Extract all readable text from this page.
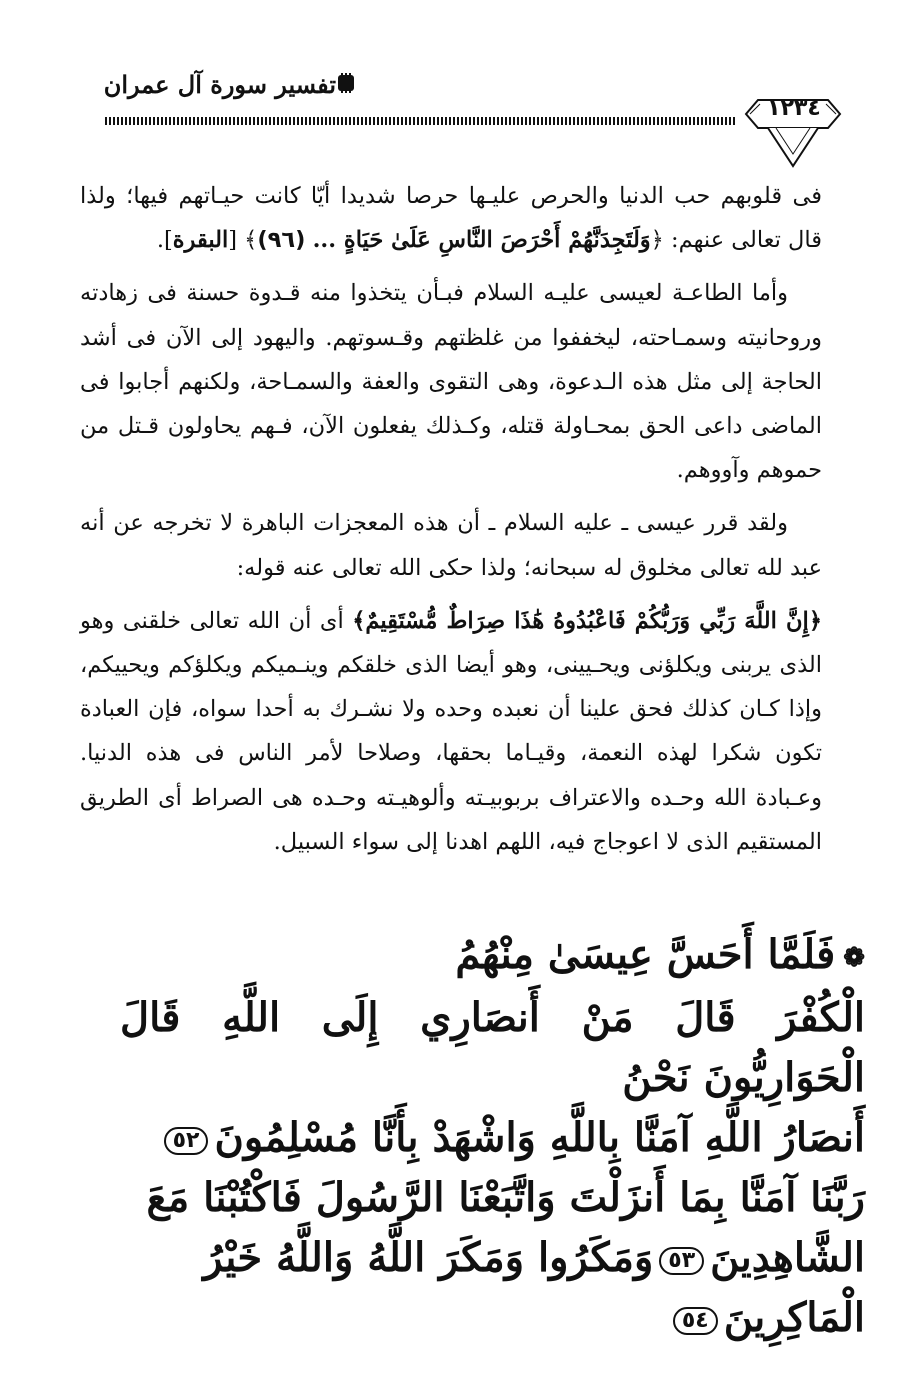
تفسير سورة آل عمران
١٢٣٤

فى قلوبهم حب الدنيا والحرص عليـها حرصا شديدا أيّا كانت حيـاتهم فيها؛ ولذا قال تعالى عنهم: ﴿وَلَتَجِدَنَّهُمْ أَحْرَصَ النَّاسِ عَلَىٰ حَيَاةٍ ... (٩٦)﴾ [البقرة].

وأما الطاعـة لعيسى عليـه السلام فبـأن يتخذوا منه قـدوة حسنة فى زهادته وروحانيته وسمـاحته، ليخففوا من غلظتهم وقـسوتهم. واليهود إلى الآن فى أشد الحاجة إلى مثل هذه الـدعوة، وهى التقوى والعفة والسمـاحة، ولكنهم أجابوا فى الماضى داعى الحق بمحـاولة قتله، وكـذلك يفعلون الآن، فـهم يحاولون قـتل من حموهم وآووهم.

ولقد قرر عيسى ـ عليه السلام ـ أن هذه المعجزات الباهرة لا تخرجه عن أنه عبد لله تعالى مخلوق له سبحانه؛ ولذا حكى الله تعالى عنه قوله:

﴿إِنَّ اللَّهَ رَبِّي وَرَبُّكُمْ فَاعْبُدُوهُ هَٰذَا صِرَاطٌ مُّسْتَقِيمٌ﴾ أى أن الله تعالى خلقنى وهو الذى يربنى ويكلؤنى ويحـيينى، وهو أيضا الذى خلقكم وينـميكم ويكلؤكم ويحييكم، وإذا كـان كذلك فحق علينا أن نعبده وحده ولا نشـرك به أحدا سواه، فإن العبادة تكون شكرا لهذه النعمة، وقيـاما بحقها، وصلاحا لأمر الناس فى هذه الدنيا. وعـبادة الله وحـده والاعتراف بربوبيـته وألوهيـته وحـده هى الصراط أى الطريق المستقيم الذى لا اعوجاج فيه، اللهم اهدنا إلى سواء السبيل.

❁فَلَمَّا أَحَسَّ عِيسَىٰ مِنْهُمُ
الْكُفْرَ قَالَ مَنْ أَنصَارِي إِلَى اللَّهِ قَالَ الْحَوَارِيُّونَ نَحْنُ
أَنصَارُ اللَّهِ آمَنَّا بِاللَّهِ وَاشْهَدْ بِأَنَّا مُسْلِمُونَ٥٢
رَبَّنَا آمَنَّا بِمَا أَنزَلْتَ وَاتَّبَعْنَا الرَّسُولَ فَاكْتُبْنَا مَعَ
الشَّاهِدِينَ٥٣وَمَكَرُوا وَمَكَرَ اللَّهُ وَاللَّهُ خَيْرُ
الْمَاكِرِينَ٥٤
